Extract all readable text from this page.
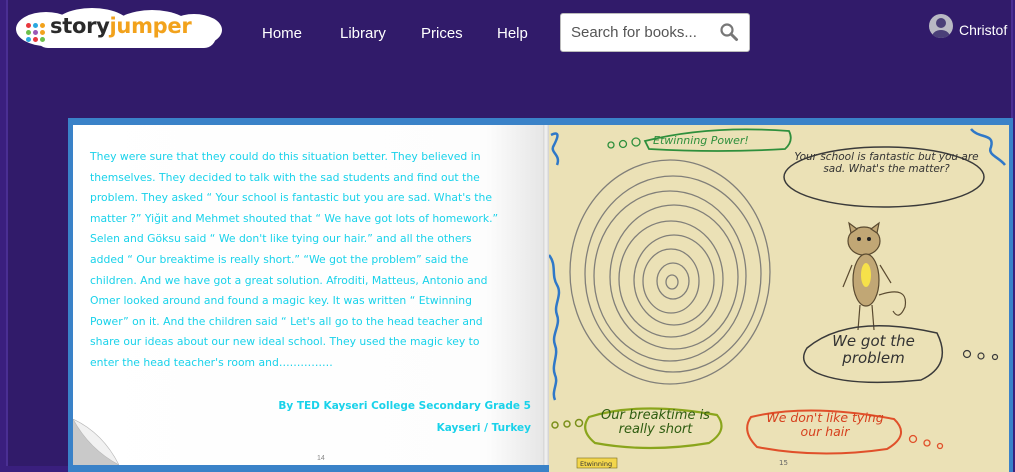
storyjumper	Home	Library Prices Help
Search for books...	Christof
They were sure that they could do this situation better. They believed in
themselves. They decided to talk with the sad students and find out the
problem. They asked “ Your school is fantastic but you are sad. What's the
matter ?” Yiğit and Mehmet shouted that “ We have got lots of homework.”
Selen and Göksu said “ We don't like tying our hair.” and all the others
added “ Our breaktime is really short.” “We got the problem” said the
children. And we have got a great solution. Afroditi, Matteus, Antonio and
Omer looked around and found a magic key. It was written “ Etwinning
Power” on it. And the children said “ Let's all go to the head teacher and
share our ideas about our new ideal school. They used the magic key to
enter the head teacher's room and……………
By TED Kayseri College Secondary Grade 5
Kayseri / Turkey
14
Etwinning Power!
Your school is fantastic but you are sad. What's the matter?
We got the problem
Our breaktime is really short
We don't like tying our hair
Etwinning	15
